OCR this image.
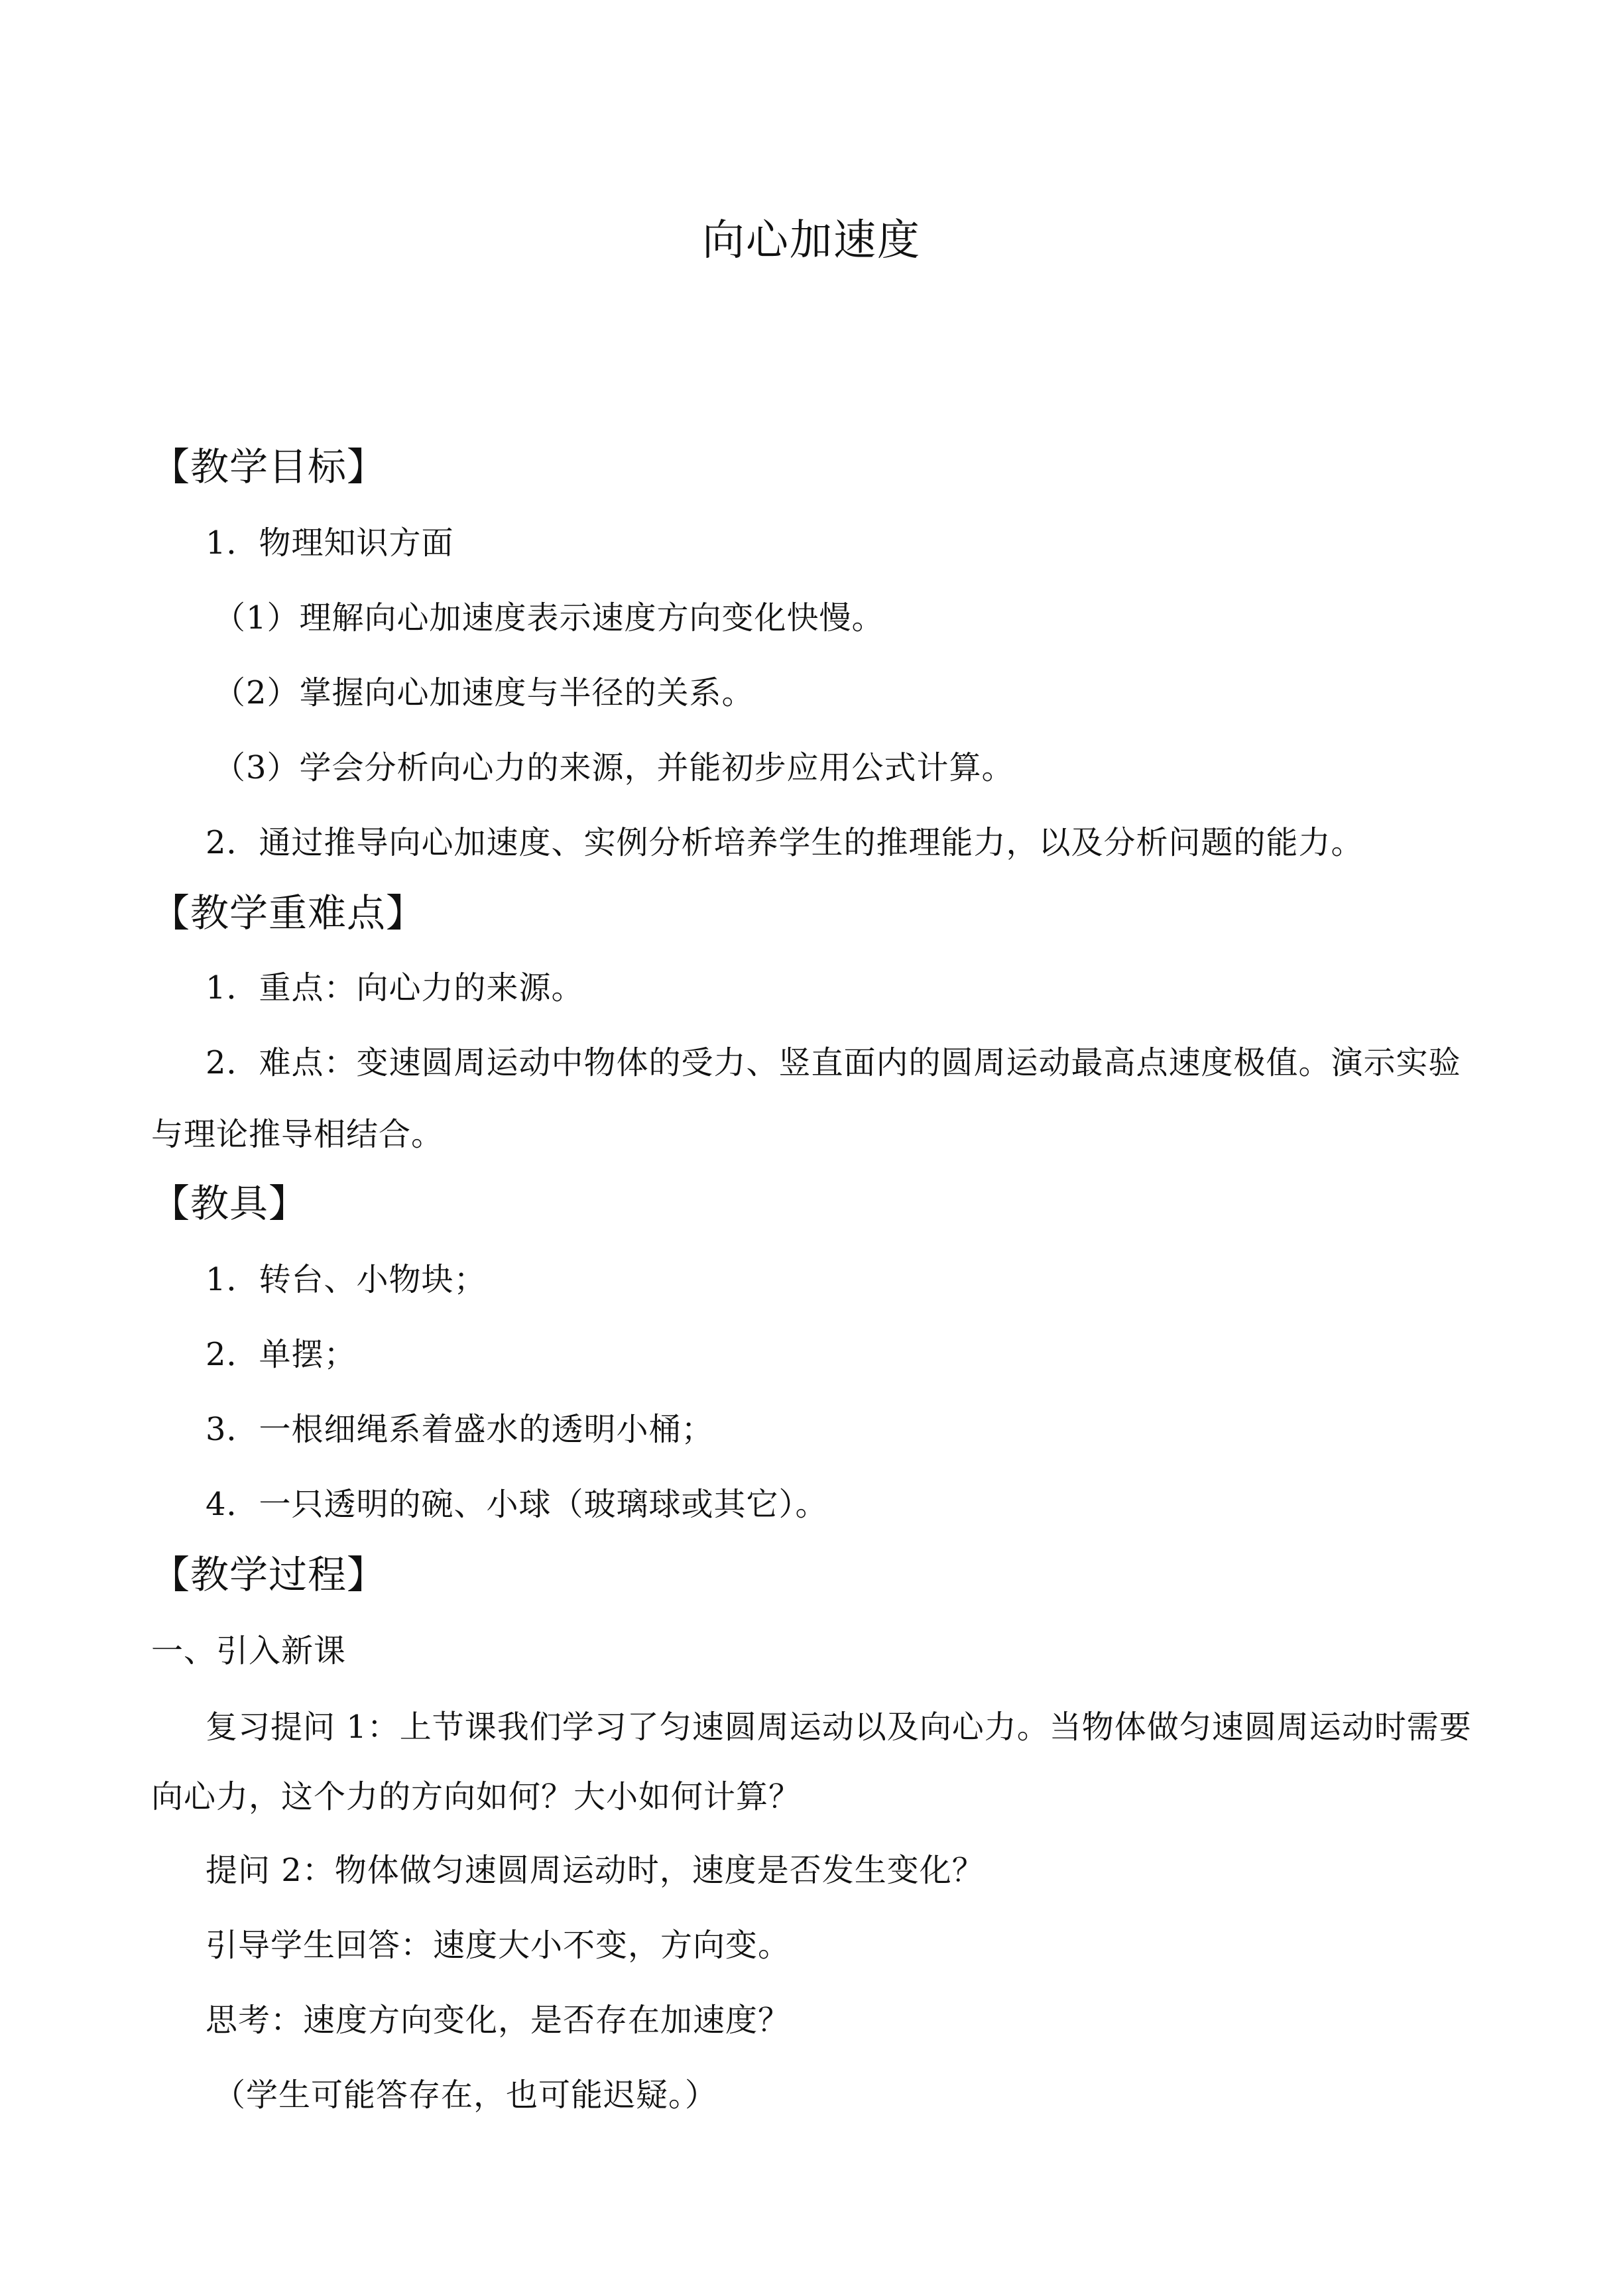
向心加速度
【教学目标】
1．物理知识方面
（1）理解向心加速度表示速度方向变化快慢。
（2）掌握向心加速度与半径的关系。
（3）学会分析向心力的来源，并能初步应用公式计算。
2．通过推导向心加速度、实例分析培养学生的推理能力，以及分析问题的能力。
【教学重难点】
1．重点：向心力的来源。
2．难点：变速圆周运动中物体的受力、竖直面内的圆周运动最高点速度极值。演示实验
与理论推导相结合。
【教具】
1．转台、小物块；
2．单摆；
3．一根细绳系着盛水的透明小桶；
4．一只透明的碗、小球（玻璃球或其它）。
【教学过程】
一、引入新课
复习提问 1：上节课我们学习了匀速圆周运动以及向心力。当物体做匀速圆周运动时需要
向心力，这个力的方向如何？大小如何计算？
提问 2：物体做匀速圆周运动时，速度是否发生变化？
引导学生回答：速度大小不变，方向变。
思考：速度方向变化，是否存在加速度？
（学生可能答存在，也可能迟疑。）
